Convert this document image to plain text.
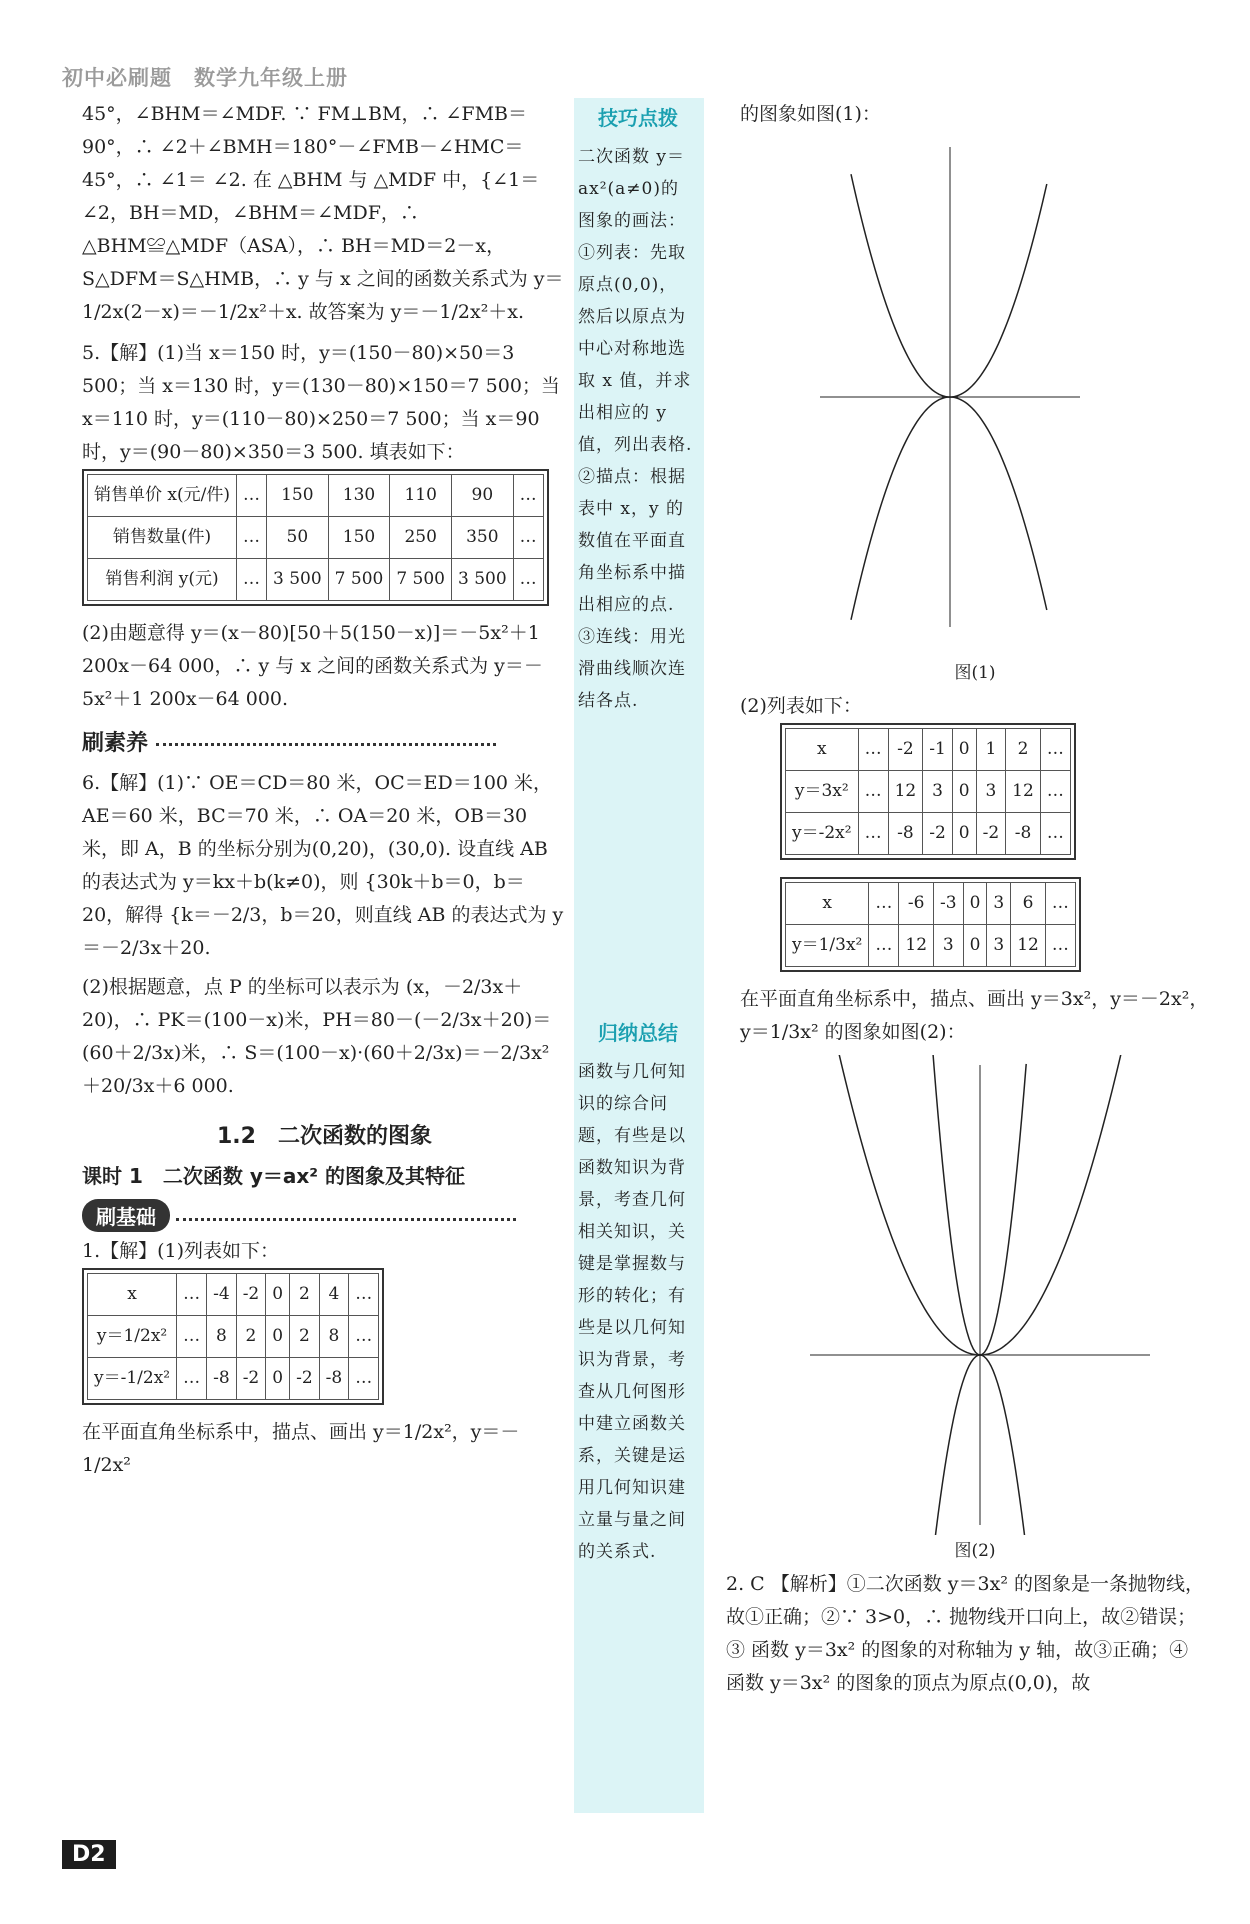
初中必刷题　数学九年级上册

45°，∠BHM＝∠MDF. ∵ FM⊥BM，∴ ∠FMB＝90°，∴ ∠2＋∠BMH＝180°－∠FMB－∠HMC＝45°，∴ ∠1＝ ∠2. 在 △BHM 与 △MDF 中，{∠1＝∠2，BH＝MD，∠BHM＝∠MDF，∴ △BHM≌△MDF（ASA），∴ BH＝MD＝2－x，S△DFM＝S△HMB，∴ y 与 x 之间的函数关系式为 y＝1/2x(2－x)＝－1/2x²＋x. 故答案为 y＝－1/2x²＋x.

5.【解】(1)当 x＝150 时，y＝(150－80)×50＝3 500；当 x＝130 时，y＝(130－80)×150＝7 500；当 x＝110 时，y＝(110－80)×250＝7 500；当 x＝90 时，y＝(90－80)×350＝3 500. 填表如下：

销售单价 x(元/件)	…	150	130	110	90	…
销售数量(件)	…	50	150	250	350	…
销售利润 y(元)	…	3 500	7 500	7 500	3 500	…

(2)由题意得 y＝(x－80)[50＋5(150－x)]＝－5x²＋1 200x－64 000，∴ y 与 x 之间的函数关系式为 y＝－5x²＋1 200x－64 000.

刷素养

6.【解】(1)∵ OE＝CD＝80 米，OC＝ED＝100 米，AE＝60 米，BC＝70 米，∴ OA＝20 米，OB＝30 米，即 A，B 的坐标分别为(0,20)，(30,0). 设直线 AB 的表达式为 y＝kx＋b(k≠0)，则 {30k＋b＝0，b＝20，解得 {k＝－2/3，b＝20，则直线 AB 的表达式为 y＝－2/3x＋20.

(2)根据题意，点 P 的坐标可以表示为 (x，－2/3x＋20)，∴ PK＝(100－x)米，PH＝80－(－2/3x＋20)＝(60＋2/3x)米，∴ S＝(100－x)·(60＋2/3x)＝－2/3x²＋20/3x＋6 000.

1.2　二次函数的图象
课时 1　二次函数 y＝ax² 的图象及其特征
刷基础

1.【解】(1)列表如下：

x	…	-4	-2	0	2	4	…
y＝1/2x²	…	8	2	0	2	8	…
y＝-1/2x²	…	-8	-2	0	-2	-8	…

在平面直角坐标系中，描点、画出 y＝1/2x²，y＝－1/2x²

技巧点拨
二次函数 y＝ax²(a≠0)的图象的画法：①列表：先取原点(0,0)，然后以原点为中心对称地选取 x 值，并求出相应的 y 值，列出表格. ②描点：根据表中 x，y 的数值在平面直角坐标系中描出相应的点. ③连线：用光滑曲线顺次连结各点.
归纳总结
函数与几何知识的综合问题，有些是以函数知识为背景，考查几何相关知识，关键是掌握数与形的转化；有些是以几何知识为背景，考查从几何图形中建立函数关系，关键是运用几何知识建立量与量之间的关系式.

的图象如图(1)：

图(1)

(2)列表如下：

x	…	-2	-1	0	1	2	…
y＝3x²	…	12	3	0	3	12	…
y＝-2x²	…	-8	-2	0	-2	-8	…

x	…	-6	-3	0	3	6	…
y＝1/3x²	…	12	3	0	3	12	…

在平面直角坐标系中，描点、画出 y＝3x²，y＝－2x²，y＝1/3x² 的图象如图(2)：

图(2)

2. C 【解析】①二次函数 y＝3x² 的图象是一条抛物线，故①正确；②∵ 3>0，∴ 抛物线开口向上，故②错误；③ 函数 y＝3x² 的图象的对称轴为 y 轴，故③正确；④ 函数 y＝3x² 的图象的顶点为原点(0,0)，故

D2
